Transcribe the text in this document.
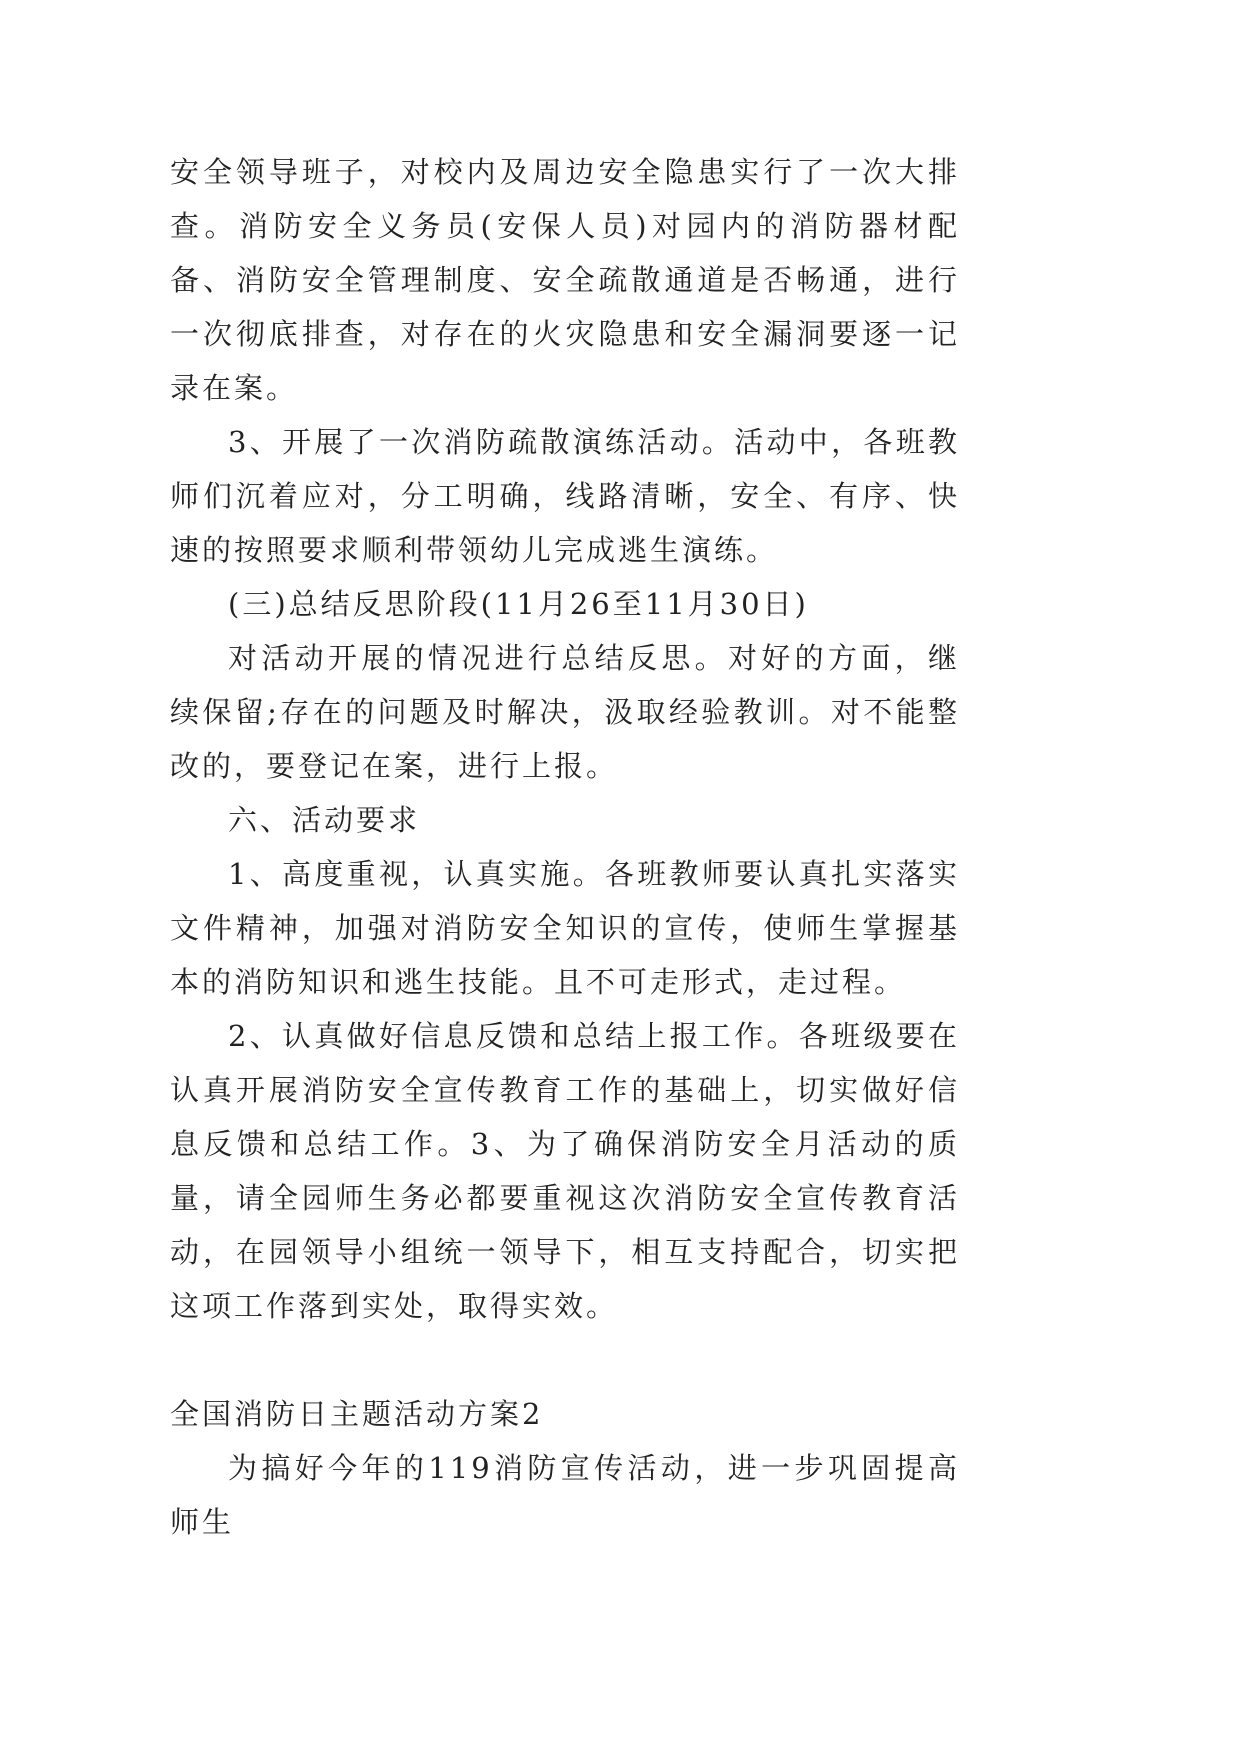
安全领导班子，对校内及周边安全隐患实行了一次大排查。消防安全义务员(安保人员)对园内的消防器材配备、消防安全管理制度、安全疏散通道是否畅通，进行一次彻底排查，对存在的火灾隐患和安全漏洞要逐一记录在案。

3、开展了一次消防疏散演练活动。活动中，各班教师们沉着应对，分工明确，线路清晰，安全、有序、快速的按照要求顺利带领幼儿完成逃生演练。

(三)总结反思阶段(11月26至11月30日)

对活动开展的情况进行总结反思。对好的方面，继续保留;存在的问题及时解决，汲取经验教训。对不能整改的，要登记在案，进行上报。

六、活动要求

1、高度重视，认真实施。各班教师要认真扎实落实文件精神，加强对消防安全知识的宣传，使师生掌握基本的消防知识和逃生技能。且不可走形式，走过程。

2、认真做好信息反馈和总结上报工作。各班级要在认真开展消防安全宣传教育工作的基础上，切实做好信息反馈和总结工作。3、为了确保消防安全月活动的质量，请全园师生务必都要重视这次消防安全宣传教育活动，在园领导小组统一领导下，相互支持配合，切实把这项工作落到实处，取得实效。

全国消防日主题活动方案2

为搞好今年的119消防宣传活动，进一步巩固提高师生
